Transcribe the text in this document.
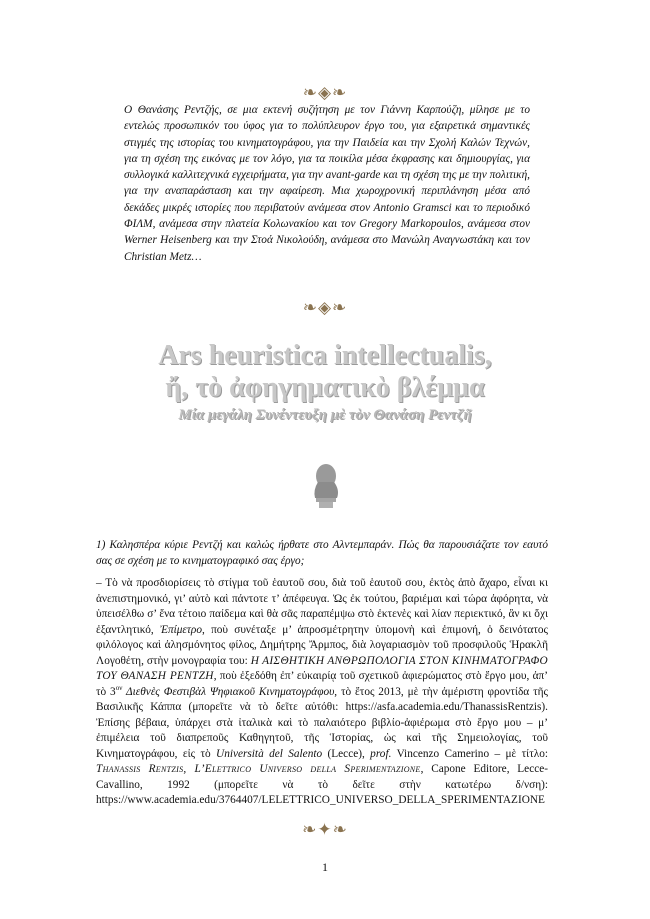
❧◈❧

Ο Θανάσης Ρεντζής, σε μια εκτενή συζήτηση με τον Γιάννη Καρπούζη, μίλησε με το εντελώς προσωπικόν του ύφος για το πολύπλευρον έργο του, για εξαιρετικά σημαντικές στιγμές της ιστορίας του κινηματογράφου, για την Παιδεία και την Σχολή Καλών Τεχνών, για τη σχέση της εικόνας με τον λόγο, για τα ποικίλα μέσα έκφρασης και δημιουργίας, για συλλογικά καλλιτεχνικά εγχειρήματα, για την avant-garde και τη σχέση της με την πολιτική, για την αναπαράσταση και την αφαίρεση. Μια χωροχρονική περιπλάνηση μέσα από δεκάδες μικρές ιστορίες που περιβατούν ανάμεσα στον Antonio Gramsci και το περιοδικό ΦΙΛΜ, ανάμεσα στην πλατεία Κολωνακίου και τον Gregory Markopoulos, ανάμεσα στον Werner Heisenberg και την Στοά Νικολούδη, ανάμεσα στο Μανώλη Αναγνωστάκη και τον Christian Metz…

❧◈❧
Ars heuristica intellectualis,
ἤ, τὸ ἀφηγηματικὸ βλέμμα
Μία μεγάλη Συνέντευξη μὲ τὸν Θανάση Ρεντζῆ
1) Καλησπέρα κύριε Ρεντζή και καλώς ήρθατε στο Αλντεμπαράν. Πώς θα παρουσιάζατε τον εαυτό σας σε σχέση με το κινηματογραφικό σας έργο;
– Τὸ νὰ προσδιορίσεις τὸ στίγμα τοῦ ἑαυτοῦ σου, διὰ τοῦ ἑαυτοῦ σου, ἐκτὸς ἀπὸ ἄχαρο, εἶναι κι ἀνεπιστημονικό, γι’ αὐτὸ καὶ πάντοτε τ’ ἀπέφευγα. Ὡς ἐκ τούτου, βαριέμαι καὶ τώρα ἀφόρητα, νὰ ὑπεισέλθω σ’ ἕνα τέτοιο παίδεμα καὶ θὰ σᾶς παραπέμψω στὸ ἐκτενὲς καὶ λίαν περιεκτικό, ἂν κι ὄχι ἐξαντλητικό, Ἐπίμετρο, ποὺ συνέταξε μ’ ἀπροσμέτρητην ὑπομονὴ καὶ ἐπιμονή, ὁ δεινότατος φιλόλογος καὶ ἀλησμόνητος φίλος, Δημήτρης Ἄρμπος, διὰ λογαριασμὸν τοῦ προσφιλοῦς Ἡρακλῆ Λογοθέτη, στὴν μονογραφία του: Η ΑΙΣΘΗΤΙΚΗ ΑΝΘΡΩΠΟΛΟΓΙΑ ΣΤΟΝ ΚΙΝΗΜΑΤΟΓΡΑΦΟ ΤΟΥ ΘΑΝΑΣΗ ΡΕΝΤΖΗ, ποὺ ἐξεδόθη ἐπ’ εὐκαιρίᾳ τοῦ σχετικοῦ ἀφιερώματος στὸ ἔργο μου, ἀπ’ τὸ $3^{o\nu}$ Διεθνὲς Φεστιβὰλ Ψηφιακοῦ Κινηματογράφου, τὸ ἔτος 2013, μὲ τὴν ἀμέριστη φροντίδα τῆς Βασιλικῆς Κάππα (μπορεῖτε νὰ τὸ δεῖτε αὐτόθι: https://asfa.academia.edu/ThanassisRentzis). Ἐπίσης βέβαια, ὑπάρχει στὰ ἰταλικὰ καὶ τὸ παλαιότερο βιβλίο-ἀφιέρωμα στὸ ἔργο μου – μ’ ἐπιμέλεια τοῦ διαπρεποῦς Καθηγητοῦ, τῆς Ἱστορίας, ὡς καὶ τῆς Σημειολογίας, τοῦ Κινηματογράφου, εἰς τὸ Università del Salento (Lecce), prof. Vincenzo Camerino – μὲ τίτλο: Thanassis Rentzis, L’Elettrico Universo della Sperimentazione, Capone Editore, Lecce-Cavallino, 1992 (μπορεῖτε νὰ τὸ δεῖτε στὴν κατωτέρω δ/νση): https://www.academia.edu/3764407/LELETTRICO_UNIVERSO_DELLA_SPERIMENTAZIONE
❧✦❧
1
